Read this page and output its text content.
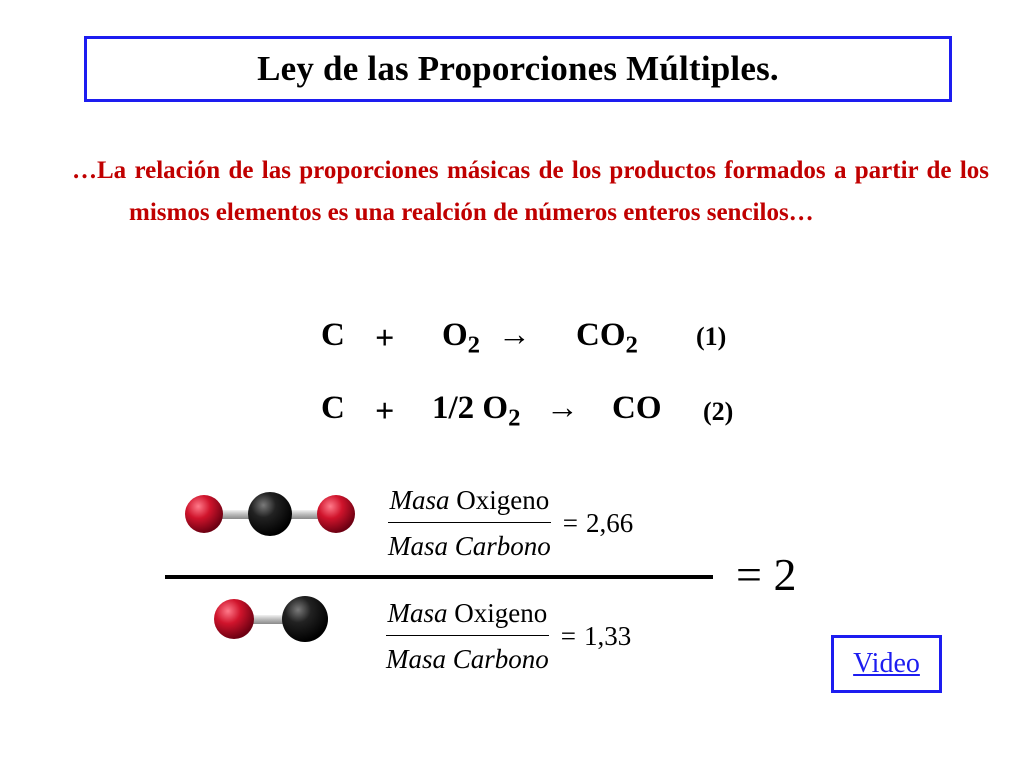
Ley de las Proporciones Múltiples.
…La relación de las proporciones másicas de los productos formados a partir de los mismos elementos es una realción de números enteros sencilos…
$C + O_2 \to CO_2$ (1)
C + 1/2 $O_2$ → CO (2)
$\frac{\text{Masa Oxigeno}}{\text{Masa Carbono}} = 2,66$
$\frac{\text{Masa Oxigeno}}{\text{Masa Carbono}} = 1,33$
= 2
Video
